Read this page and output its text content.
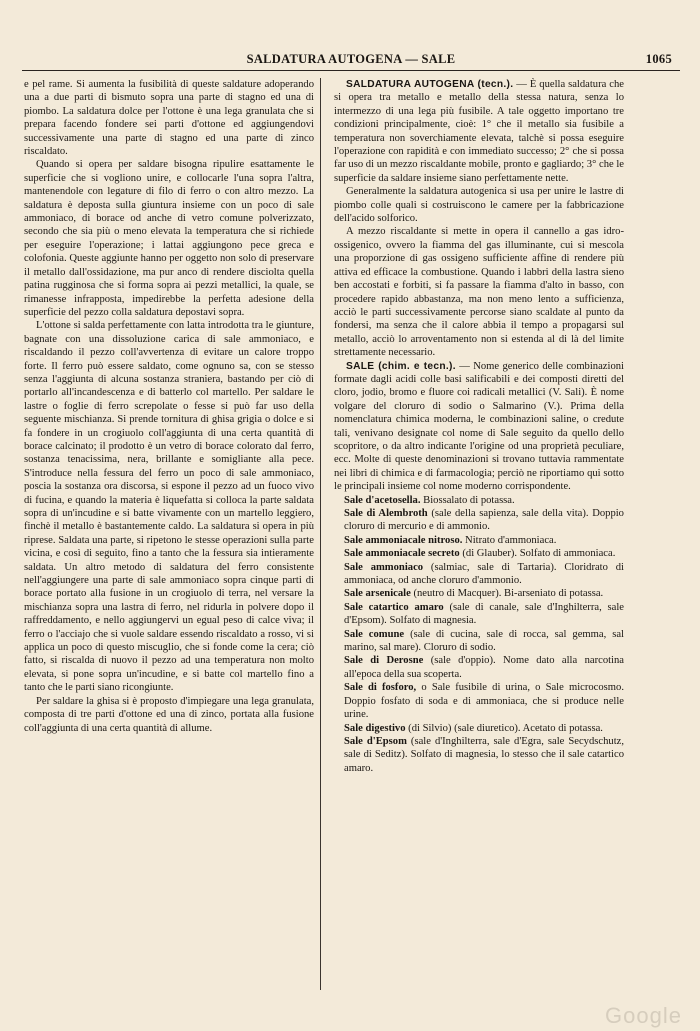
SALDATURA AUTOGENA — SALE	1065

e pel rame. Si aumenta la fusibilità di queste saldature adoperando una a due parti di bismuto sopra una parte di stagno ed una di piombo. La saldatura dolce per l'ottone è una lega granulata che si prepara facendo fondere sei parti d'ottone ed aggiungendovi successivamente una parte di stagno ed una parte di zinco riscaldato.

Quando si opera per saldare bisogna ripulire esattamente le superficie che si vogliono unire, e collocarle l'una sopra l'altra, mantenendole con legature di filo di ferro o con altro mezzo. La saldatura è deposta sulla giuntura insieme con un poco di sale ammoniaco, di borace od anche di vetro comune polverizzato, secondo che sia più o meno elevata la temperatura che si richiede per eseguire l'operazione; i lattai aggiungono pece greca e colofonia. Queste aggiunte hanno per oggetto non solo di preservare il metallo dall'ossidazione, ma pur anco di rendere disciolta quella patina rugginosa che si forma sopra ai pezzi metallici, la quale, se rimanesse infrapposta, impedirebbe la perfetta adesione della superficie del pezzo colla saldatura depostavi sopra.

L'ottone si salda perfettamente con latta introdotta tra le giunture, bagnate con una dissoluzione carica di sale ammoniaco, e riscaldando il pezzo coll'avvertenza di evitare un calore troppo forte. Il ferro può essere saldato, come ognuno sa, con se stesso senza l'aggiunta di alcuna sostanza straniera, bastando per ciò di portarlo all'incandescenza e di batterlo col martello. Per saldare le lastre o foglie di ferro screpolate o fesse si può far uso della seguente mischianza. Si prende tornitura di ghisa grigia o dolce e si fa fondere in un crogiuolo coll'aggiunta di una certa quantità di borace calcinato; il prodotto è un vetro di borace colorato dal ferro, sostanza tenacissima, nera, brillante e somigliante alla pece. S'introduce nella fessura del ferro un poco di sale ammoniaco, poscia la sostanza ora discorsa, si espone il pezzo ad un fuoco vivo di fucina, e quando la materia è liquefatta si colloca la parte saldata sopra di un'incudine e si batte vivamente con un martello leggiero, finchè il metallo è bastantemente caldo. La saldatura si opera in più riprese. Saldata una parte, si ripetono le stesse operazioni sulla parte vicina, e così di seguito, fino a tanto che la fessura sia intieramente saldata. Un altro metodo di saldatura del ferro consistente nell'aggiungere una parte di sale ammoniaco sopra cinque parti di borace portato alla fusione in un crogiuolo di terra, nel versare la mischianza sopra una lastra di ferro, nel ridurla in polvere dopo il raffreddamento, e nello aggiungervi un egual peso di calce viva; il ferro o l'acciajo che si vuole saldare essendo riscaldato a rosso, vi si applica un poco di questo miscuglio, che si fonde come la cera; ciò fatto, si riscalda di nuovo il pezzo ad una temperatura non molto elevata, si pone sopra un'incudine, e si batte col martello fino a tanto che le parti siano ricongiunte.

Per saldare la ghisa si è proposto d'impiegare una lega granulata, composta di tre parti d'ottone ed una di zinco, portata alla fusione coll'aggiunta di una certa quantità di allume.

SALDATURA AUTOGENA (tecn.). — È quella saldatura che si opera tra metallo e metallo della stessa natura, senza lo intermezzo di una lega più fusibile. A tale oggetto importano tre condizioni principalmente, cioè: 1° che il metallo sia fusibile a temperatura non soverchiamente elevata, talchè si possa eseguire l'operazione con rapidità e con immediato successo; 2° che si possa far uso di un mezzo riscaldante mobile, pronto e gagliardo; 3° che le superficie da saldare insieme siano perfettamente nette.

Generalmente la saldatura autogenica si usa per unire le lastre di piombo colle quali si costruiscono le camere per la fabbricazione dell'acido solforico.

A mezzo riscaldante si mette in opera il cannello a gas idro-ossigenico, ovvero la fiamma del gas illuminante, cui si mescola una proporzione di gas ossigeno sufficiente affine di rendere più attiva ed efficace la combustione. Quando i labbri della lastra sieno ben accostati e forbiti, si fa passare la fiamma d'alto in basso, con procedere rapido abbastanza, ma non meno lento a sufficienza, acciò le parti successivamente percorse siano scaldate al punto da fondersi, ma senza che il calore abbia il tempo a propagarsi sul metallo, acciò lo arroventamento non si estenda al di là del limite strettamente necessario.

SALE (chim. e tecn.). — Nome generico delle combinazioni formate dagli acidi colle basi salificabili e dei composti diretti del cloro, jodio, bromo e fluore coi radicali metallici (V. Sali). È nome volgare del cloruro di sodio o Salmarino (V.). Prima della nomenclatura chimica moderna, le combinazioni saline, o credute tali, venivano designate col nome di Sale seguito da quello dello scopritore, o da altro indicante l'origine od una proprietà peculiare, ecc. Molte di queste denominazioni si trovano tuttavia rammentate nei libri di chimica e di farmacologia; perciò ne riportiamo qui sotto le principali insieme col nome moderno corrispondente.

Sale d'acetosella. Biossalato di potassa.

Sale di Alembroth (sale della sapienza, sale della vita). Doppio cloruro di mercurio e di ammonio.

Sale ammoniacale nitroso. Nitrato d'ammoniaca.

Sale ammoniacale secreto (di Glauber). Solfato di ammoniaca.

Sale ammoniaco (salmiac, sale di Tartaria). Cloridrato di ammoniaca, od anche cloruro d'ammonio.

Sale arsenicale (neutro di Macquer). Bi-arseniato di potassa.

Sale catartico amaro (sale di canale, sale d'Inghilterra, sale d'Epsom). Solfato di magnesia.

Sale comune (sale di cucina, sale di rocca, sal gemma, sal marino, sal mare). Cloruro di sodio.

Sale di Derosne (sale d'oppio). Nome dato alla narcotina all'epoca della sua scoperta.

Sale di fosforo, o Sale fusibile di urina, o Sale microcosmo. Doppio fosfato di soda e di ammoniaca, che si produce nelle urine.

Sale digestivo (di Silvio) (sale diuretico). Acetato di potassa.

Sale d'Epsom (sale d'Inghilterra, sale d'Egra, sale Secydschutz, sale di Seditz). Solfato di magnesia, lo stesso che il sale catartico amaro.

Google
